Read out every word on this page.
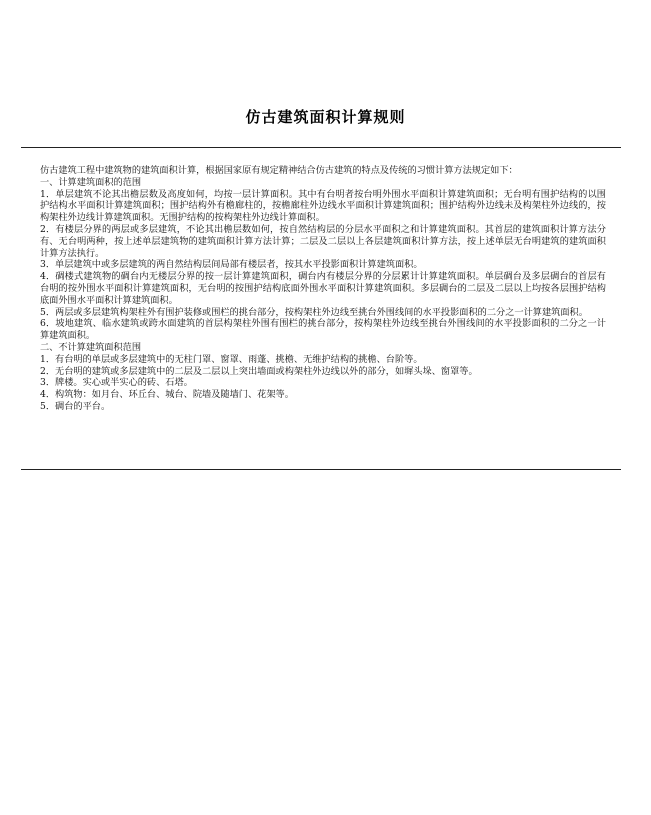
仿古建筑面积计算规则

仿古建筑工程中建筑物的建筑面积计算，根据国家原有规定精神结合仿古建筑的特点及传统的习惯计算方法规定如下：

一、计算建筑面积的范围

1．单层建筑不论其出檐层数及高度如何，均按一层计算面积。其中有台明者按台明外围水平面积计算建筑面积；无台明有围护结构的以围护结构水平面积计算建筑面积；围护结构外有檐廊柱的，按檐廊柱外边线水平面积计算建筑面积；围护结构外边线未及构架柱外边线的，按构架柱外边线计算建筑面积。无围护结构的按构架柱外边线计算面积。

2．有楼层分界的两层或多层建筑，不论其出檐层数如何，按自然结构层的分层水平面积之和计算建筑面积。其首层的建筑面积计算方法分有、无台明两种，按上述单层建筑物的建筑面积计算方法计算；二层及二层以上各层建筑面积计算方法，按上述单层无台明建筑的建筑面积计算方法执行。

3．单层建筑中或多层建筑的两自然结构层间局部有楼层者，按其水平投影面积计算建筑面积。

4．碉楼式建筑物的碉台内无楼层分界的按一层计算建筑面积，碉台内有楼层分界的分层累计计算建筑面积。单层碉台及多层碉台的首层有台明的按外围水平面积计算建筑面积，无台明的按围护结构底面外围水平面积计算建筑面积。多层碉台的二层及二层以上均按各层围护结构底面外围水平面积计算建筑面积。

5．两层或多层建筑构架柱外有围护装修或围栏的挑台部分，按构架柱外边线至挑台外围线间的水平投影面积的二分之一计算建筑面积。

6．坡地建筑、临水建筑或跨水面建筑的首层构架柱外围有围栏的挑台部分，按构架柱外边线至挑台外围线间的水平投影面积的二分之一计算建筑面积。

二、不计算建筑面积范围

1．有台明的单层或多层建筑中的无柱门罩、窗罩、雨蓬、挑檐、无维护结构的挑檐、台阶等。

2．无台明的建筑或多层建筑中的二层及二层以上突出墙面或构架柱外边线以外的部分，如墀头垛、窗罩等。

3．牌楼。实心或半实心的砖、石塔。

4．构筑物：如月台、环丘台、城台、院墙及随墙门、花架等。

5．碉台的平台。
